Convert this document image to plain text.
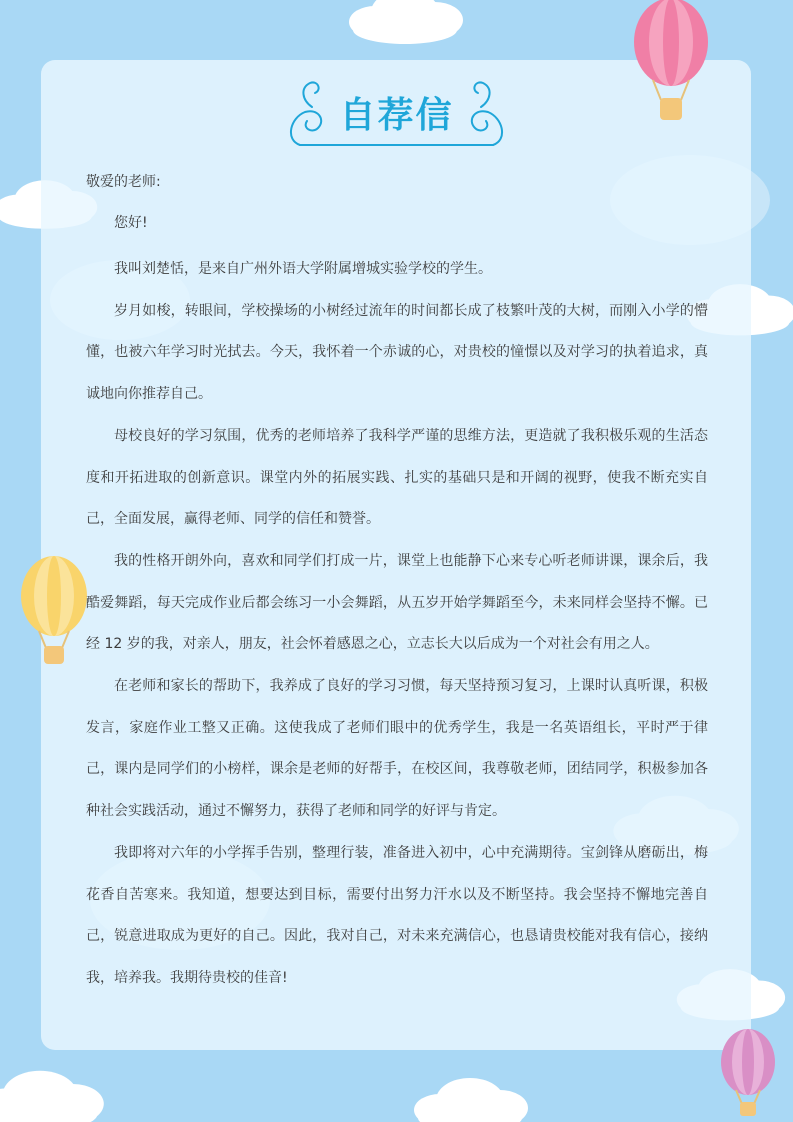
自荐信

敬爱的老师:

您好!

我叫刘楚恬，是来自广州外语大学附属增城实验学校的学生。

岁月如梭，转眼间，学校操场的小树经过流年的时间都长成了枝繁叶茂的大树，而刚入小学的懵懂，也被六年学习时光拭去。今天，我怀着一个赤诚的心，对贵校的憧憬以及对学习的执着追求，真诚地向你推荐自己。

母校良好的学习氛围，优秀的老师培养了我科学严谨的思维方法，更造就了我积极乐观的生活态度和开拓进取的创新意识。课堂内外的拓展实践、扎实的基础只是和开阔的视野，使我不断充实自己，全面发展，赢得老师、同学的信任和赞誉。

我的性格开朗外向，喜欢和同学们打成一片，课堂上也能静下心来专心听老师讲课，课余后，我酷爱舞蹈，每天完成作业后都会练习一小会舞蹈，从五岁开始学舞蹈至今，未来同样会坚持不懈。已经 12 岁的我，对亲人，朋友，社会怀着感恩之心，立志长大以后成为一个对社会有用之人。

在老师和家长的帮助下，我养成了良好的学习习惯，每天坚持预习复习，上课时认真听课，积极发言，家庭作业工整又正确。这使我成了老师们眼中的优秀学生，我是一名英语组长，平时严于律己，课内是同学们的小榜样，课余是老师的好帮手，在校区间，我尊敬老师，团结同学，积极参加各种社会实践活动，通过不懈努力，获得了老师和同学的好评与肯定。

我即将对六年的小学挥手告别，整理行装，准备进入初中，心中充满期待。宝剑锋从磨砺出，梅花香自苦寒来。我知道，想要达到目标，需要付出努力汗水以及不断坚持。我会坚持不懈地完善自己，锐意进取成为更好的自己。因此，我对自己，对未来充满信心，也恳请贵校能对我有信心，接纳我，培养我。我期待贵校的佳音!
